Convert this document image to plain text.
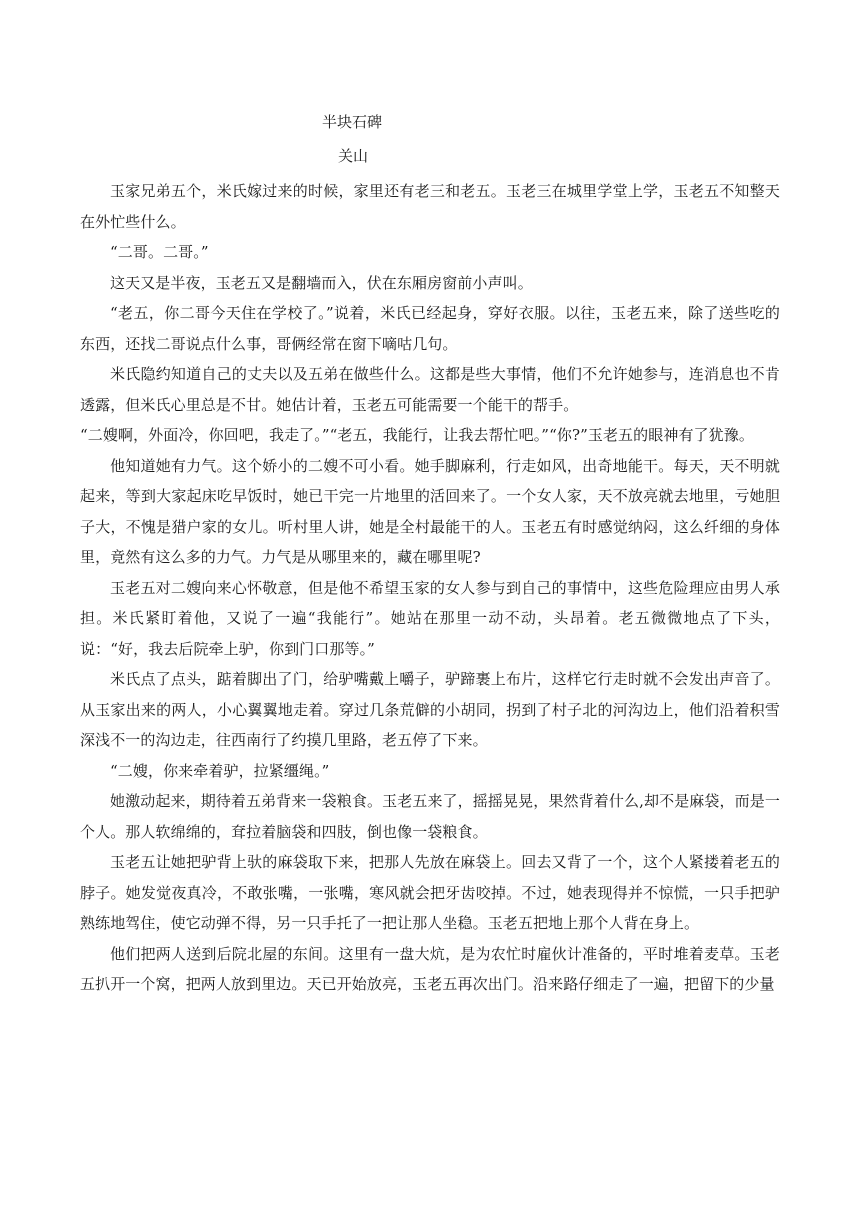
半块石碑
关山

玉家兄弟五个，米氏嫁过来的时候，家里还有老三和老五。玉老三在城里学堂上学，玉老五不知整天在外忙些什么。

“二哥。二哥。”

这天又是半夜，玉老五又是翻墙而入，伏在东厢房窗前小声叫。

“老五，你二哥今天住在学校了。”说着，米氏已经起身，穿好衣服。以往，玉老五来，除了送些吃的东西，还找二哥说点什么事，哥俩经常在窗下嘀咕几句。

米氏隐约知道自己的丈夫以及五弟在做些什么。这都是些大事情，他们不允许她参与，连消息也不肯透露，但米氏心里总是不甘。她估计着，玉老五可能需要一个能干的帮手。

“二嫂啊，外面冷，你回吧，我走了。”“老五，我能行，让我去帮忙吧。”“你?”玉老五的眼神有了犹豫。

他知道她有力气。这个娇小的二嫂不可小看。她手脚麻利，行走如风，出奇地能干。每天，天不明就起来，等到大家起床吃早饭时，她已干完一片地里的活回来了。一个女人家，天不放亮就去地里，亏她胆子大，不愧是猎户家的女儿。听村里人讲，她是全村最能干的人。玉老五有时感觉纳闷，这么纤细的身体里，竟然有这么多的力气。力气是从哪里来的，藏在哪里呢?

玉老五对二嫂向来心怀敬意，但是他不希望玉家的女人参与到自己的事情中，这些危险理应由男人承担。米氏紧盯着他，又说了一遍“我能行”。她站在那里一动不动，头昂着。老五微微地点了下头，说：“好，我去后院牵上驴，你到门口那等。”

米氏点了点头，踮着脚出了门，给驴嘴戴上嚼子，驴蹄裹上布片，这样它行走时就不会发出声音了。从玉家出来的两人，小心翼翼地走着。穿过几条荒僻的小胡同，拐到了村子北的河沟边上，他们沿着积雪深浅不一的沟边走，往西南行了约摸几里路，老五停了下来。

“二嫂，你来牵着驴，拉紧缰绳。”

她激动起来，期待着五弟背来一袋粮食。玉老五来了，摇摇晃晃，果然背着什么,却不是麻袋，而是一个人。那人软绵绵的，耷拉着脑袋和四肢，倒也像一袋粮食。

玉老五让她把驴背上驮的麻袋取下来，把那人先放在麻袋上。回去又背了一个，这个人紧搂着老五的脖子。她发觉夜真冷，不敢张嘴，一张嘴，寒风就会把牙齿咬掉。不过，她表现得并不惊慌，一只手把驴熟练地驾住，使它动弹不得，另一只手托了一把让那人坐稳。玉老五把地上那个人背在身上。

他们把两人送到后院北屋的东间。这里有一盘大炕，是为农忙时雇伙计准备的，平时堆着麦草。玉老五扒开一个窝，把两人放到里边。天已开始放亮，玉老五再次出门。沿来路仔细走了一遍，把留下的少量
